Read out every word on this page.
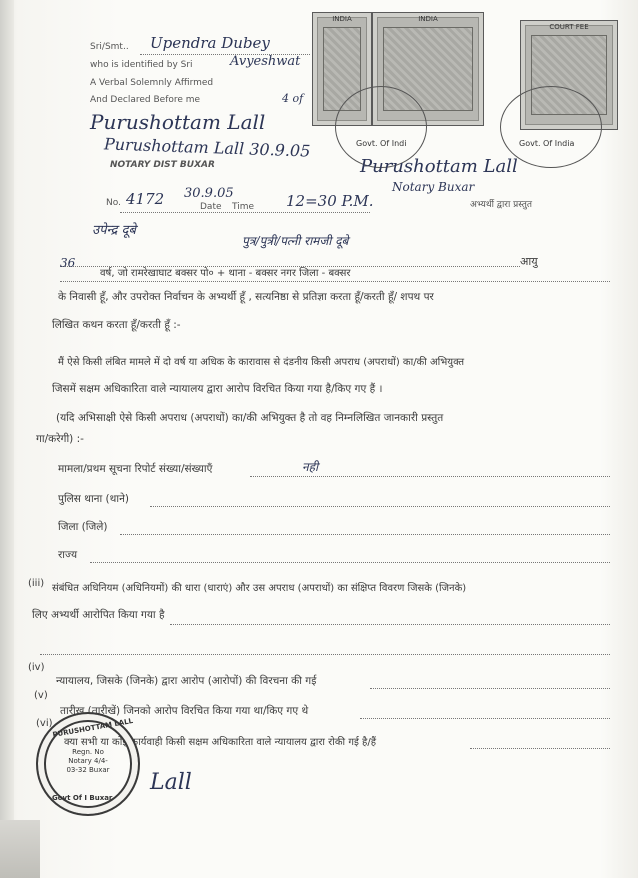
INDIA	INDIA
COURT FEE
Govt. Of Indi	Govt. Of India
Sri/Smt.. Upendra Dubey
who is identified by Sri	Avyeshwat
A Verbal Solemnly Affirmed
And Declared Before me	4 of
Purushottam Lall
Purushottam Lall 30.9.05
NOTARY DIST BUXAR	Purushottam Lall
Notary Buxar
अभ्यर्थी द्वारा प्रस्तुत
No. 4172 30.9.05
Date	12=30 P.M.
Time
उपेन्द्र दूबे
पुत्र/पुत्री/पत्नी रामजी दूबे
आयु
36
वर्ष, जो रामरेखाघाट बक्सर पो० + थाना - बक्सर नगर जिला - बक्सर
के निवासी हूँ, और उपरोक्त निर्वाचन के अभ्यर्थी हूँ , सत्यनिष्ठा से प्रतिज्ञा करता हूँ/करती हूँ/ शपथ पर
लिखित कथन करता हूँ/करती हूँ :-
मैं ऐसे किसी लंबित मामले में दो वर्ष या अधिक के कारावास से दंडनीय किसी अपराध (अपराधों) का/की अभियुक्त
जिसमें सक्षम अधिकारिता वाले न्यायालय द्वारा आरोप विरचित किया गया है/किए गए हैं ।
(यदि अभिसाक्षी ऐसे किसी अपराध (अपराधों) का/की अभियुक्त है तो वह निम्नलिखित जानकारी प्रस्तुत
गा/करेगी) :-
मामला/प्रथम सूचना रिपोर्ट संख्या/संख्याएँ	नही
पुलिस थाना (थाने)
जिला (जिले)
राज्य
(iii) संबंधित अधिनियम (अधिनियमों) की धारा (धाराएं) और उस अपराध (अपराधों) का संक्षिप्त विवरण जिसके (जिनके)
लिए अभ्यर्थी आरोपित किया गया है
(iv)
न्यायालय, जिसके (जिनके) द्वारा आरोप (आरोपों) की विरचना की गई
(v)
तारीख (तारीखें) जिनको आरोप विरचित किया गया था/किए गए थे
(vi)
क्या सभी या कोई कार्यवाही किसी सक्षम अधिकारिता वाले न्यायालय द्वारा रोकी गई है/हैं
PURUSHOTTAM LALL
Regn. No Notary 4/4-03-32 Buxar
Govt Of I Buxar
Lall
